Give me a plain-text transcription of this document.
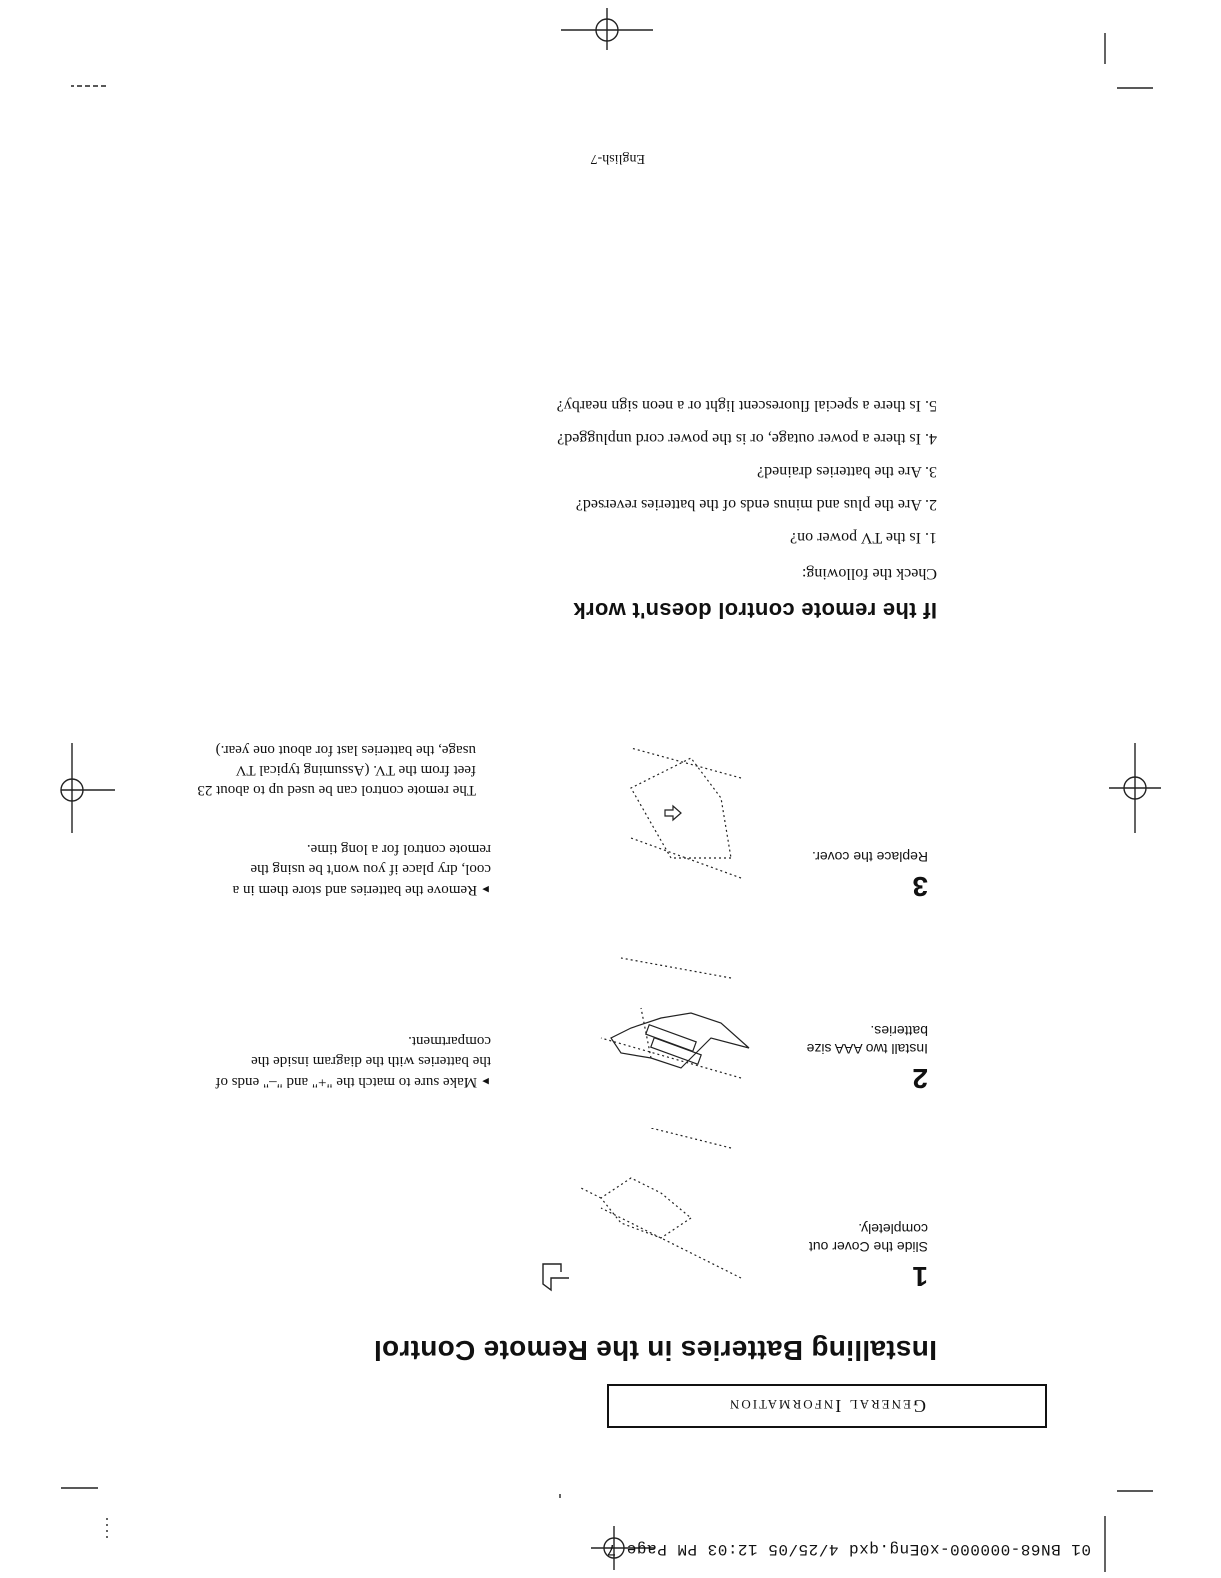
01 BN68-000000-x0Eng.qxd 4/25/05 12:03 PM Page 7
General Information
Installing Batteries in the Remote Control
1
Slide the Cover out completely.
2
Install two AAA size batteries.
►Make sure to match the "+" and "–" ends of the batteries with the diagram inside the compartment.
3
Replace the cover.
►Remove the batteries and store them in a cool, dry place if you won't be using the remote control for a long time.
The remote control can be used up to about 23 feet from the TV. (Assuming typical TV usage, the batteries last for about one year.)
If the remote control doesn't work
Check the following:
1. Is the TV power on?
2. Are the plus and minus ends of the batteries reversed?
3. Are the batteries drained?
4. Is there a power outage, or is the power cord unplugged?
5. Is there a special fluorescent light or a neon sign nearby?
English-7
